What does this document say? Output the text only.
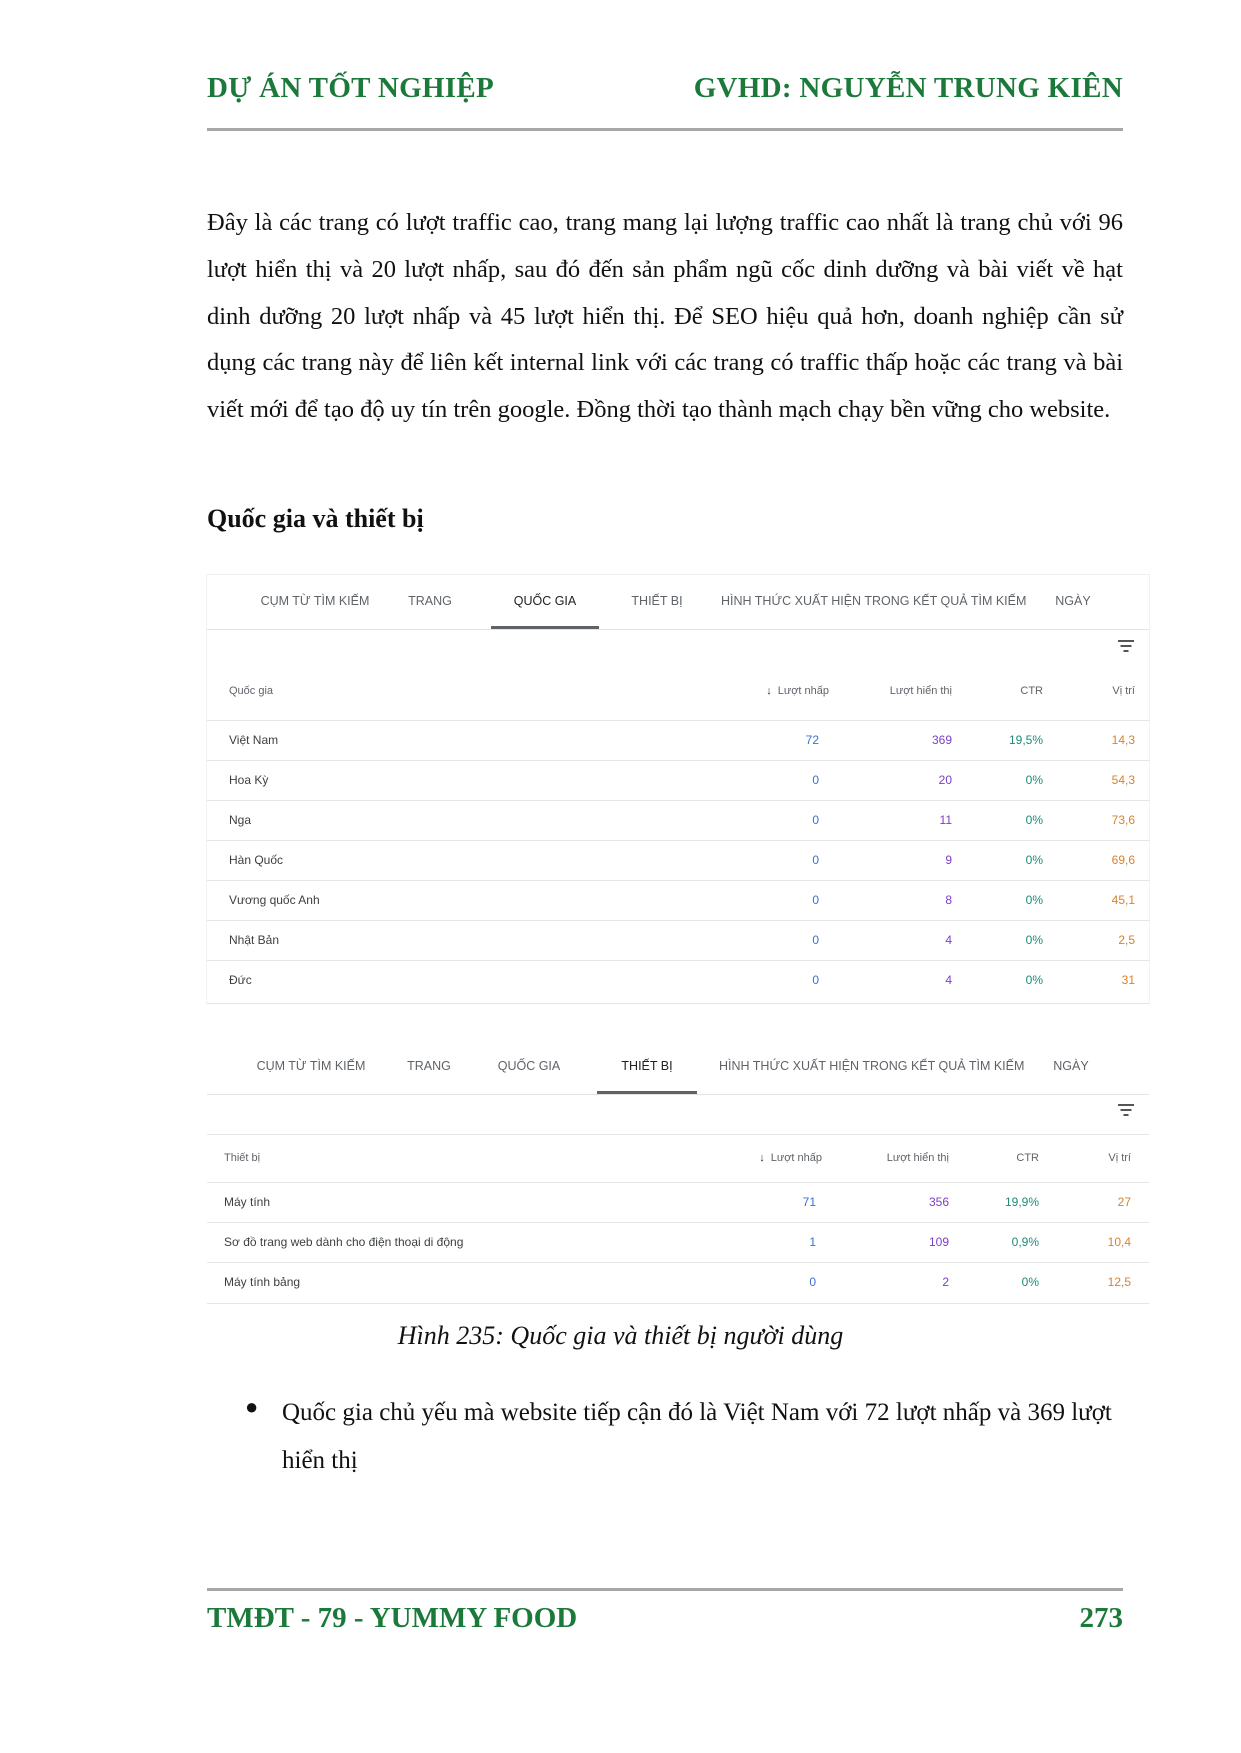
DỰ ÁN TỐT NGHIỆP	GVHD: NGUYỄN TRUNG KIÊN

Đây là các trang có lượt traffic cao, trang mang lại lượng traffic cao nhất là trang chủ với 96 lượt hiển thị và 20 lượt nhấp, sau đó đến sản phẩm ngũ cốc dinh dưỡng và bài viết về hạt dinh dưỡng 20 lượt nhấp và 45 lượt hiển thị. Để SEO hiệu quả hơn, doanh nghiệp cần sử dụng các trang này để liên kết internal link với các trang có traffic thấp hoặc các trang và bài viết mới để tạo độ uy tín trên google. Đồng thời tạo thành mạch chạy bền vững cho website.

Quốc gia và thiết bị
CỤM TỪ TÌM KIẾM	TRANG	QUỐC GIA	THIẾT BỊ	HÌNH THỨC XUẤT HIỆN TRONG KẾT QUẢ TÌM KIẾM	NGÀY
Quốc gia	↓ Lượt nhấp	Lượt hiển thị	CTR	Vị trí
Việt Nam	72	369	19,5%	14,3
Hoa Kỳ	0	20	0%	54,3
Nga	0	11	0%	73,6
Hàn Quốc	0	9	0%	69,6
Vương quốc Anh	0	8	0%	45,1
Nhật Bản	0	4	0%	2,5
Đức	0	4	0%	31
CỤM TỪ TÌM KIẾM	TRANG	QUỐC GIA	THIẾT BỊ	HÌNH THỨC XUẤT HIỆN TRONG KẾT QUẢ TÌM KIẾM	NGÀY
Thiết bị	↓ Lượt nhấp	Lượt hiển thị	CTR	Vị trí
Máy tính	71	356	19,9%	27
Sơ đồ trang web dành cho điện thoại di động	1	109	0,9%	10,4
Máy tính bảng	0	2	0%	12,5
Hình 235: Quốc gia và thiết bị người dùng
● Quốc gia chủ yếu mà website tiếp cận đó là Việt Nam với 72 lượt nhấp và 369 lượt hiển thị

TMĐT - 79 - YUMMY FOOD	273
